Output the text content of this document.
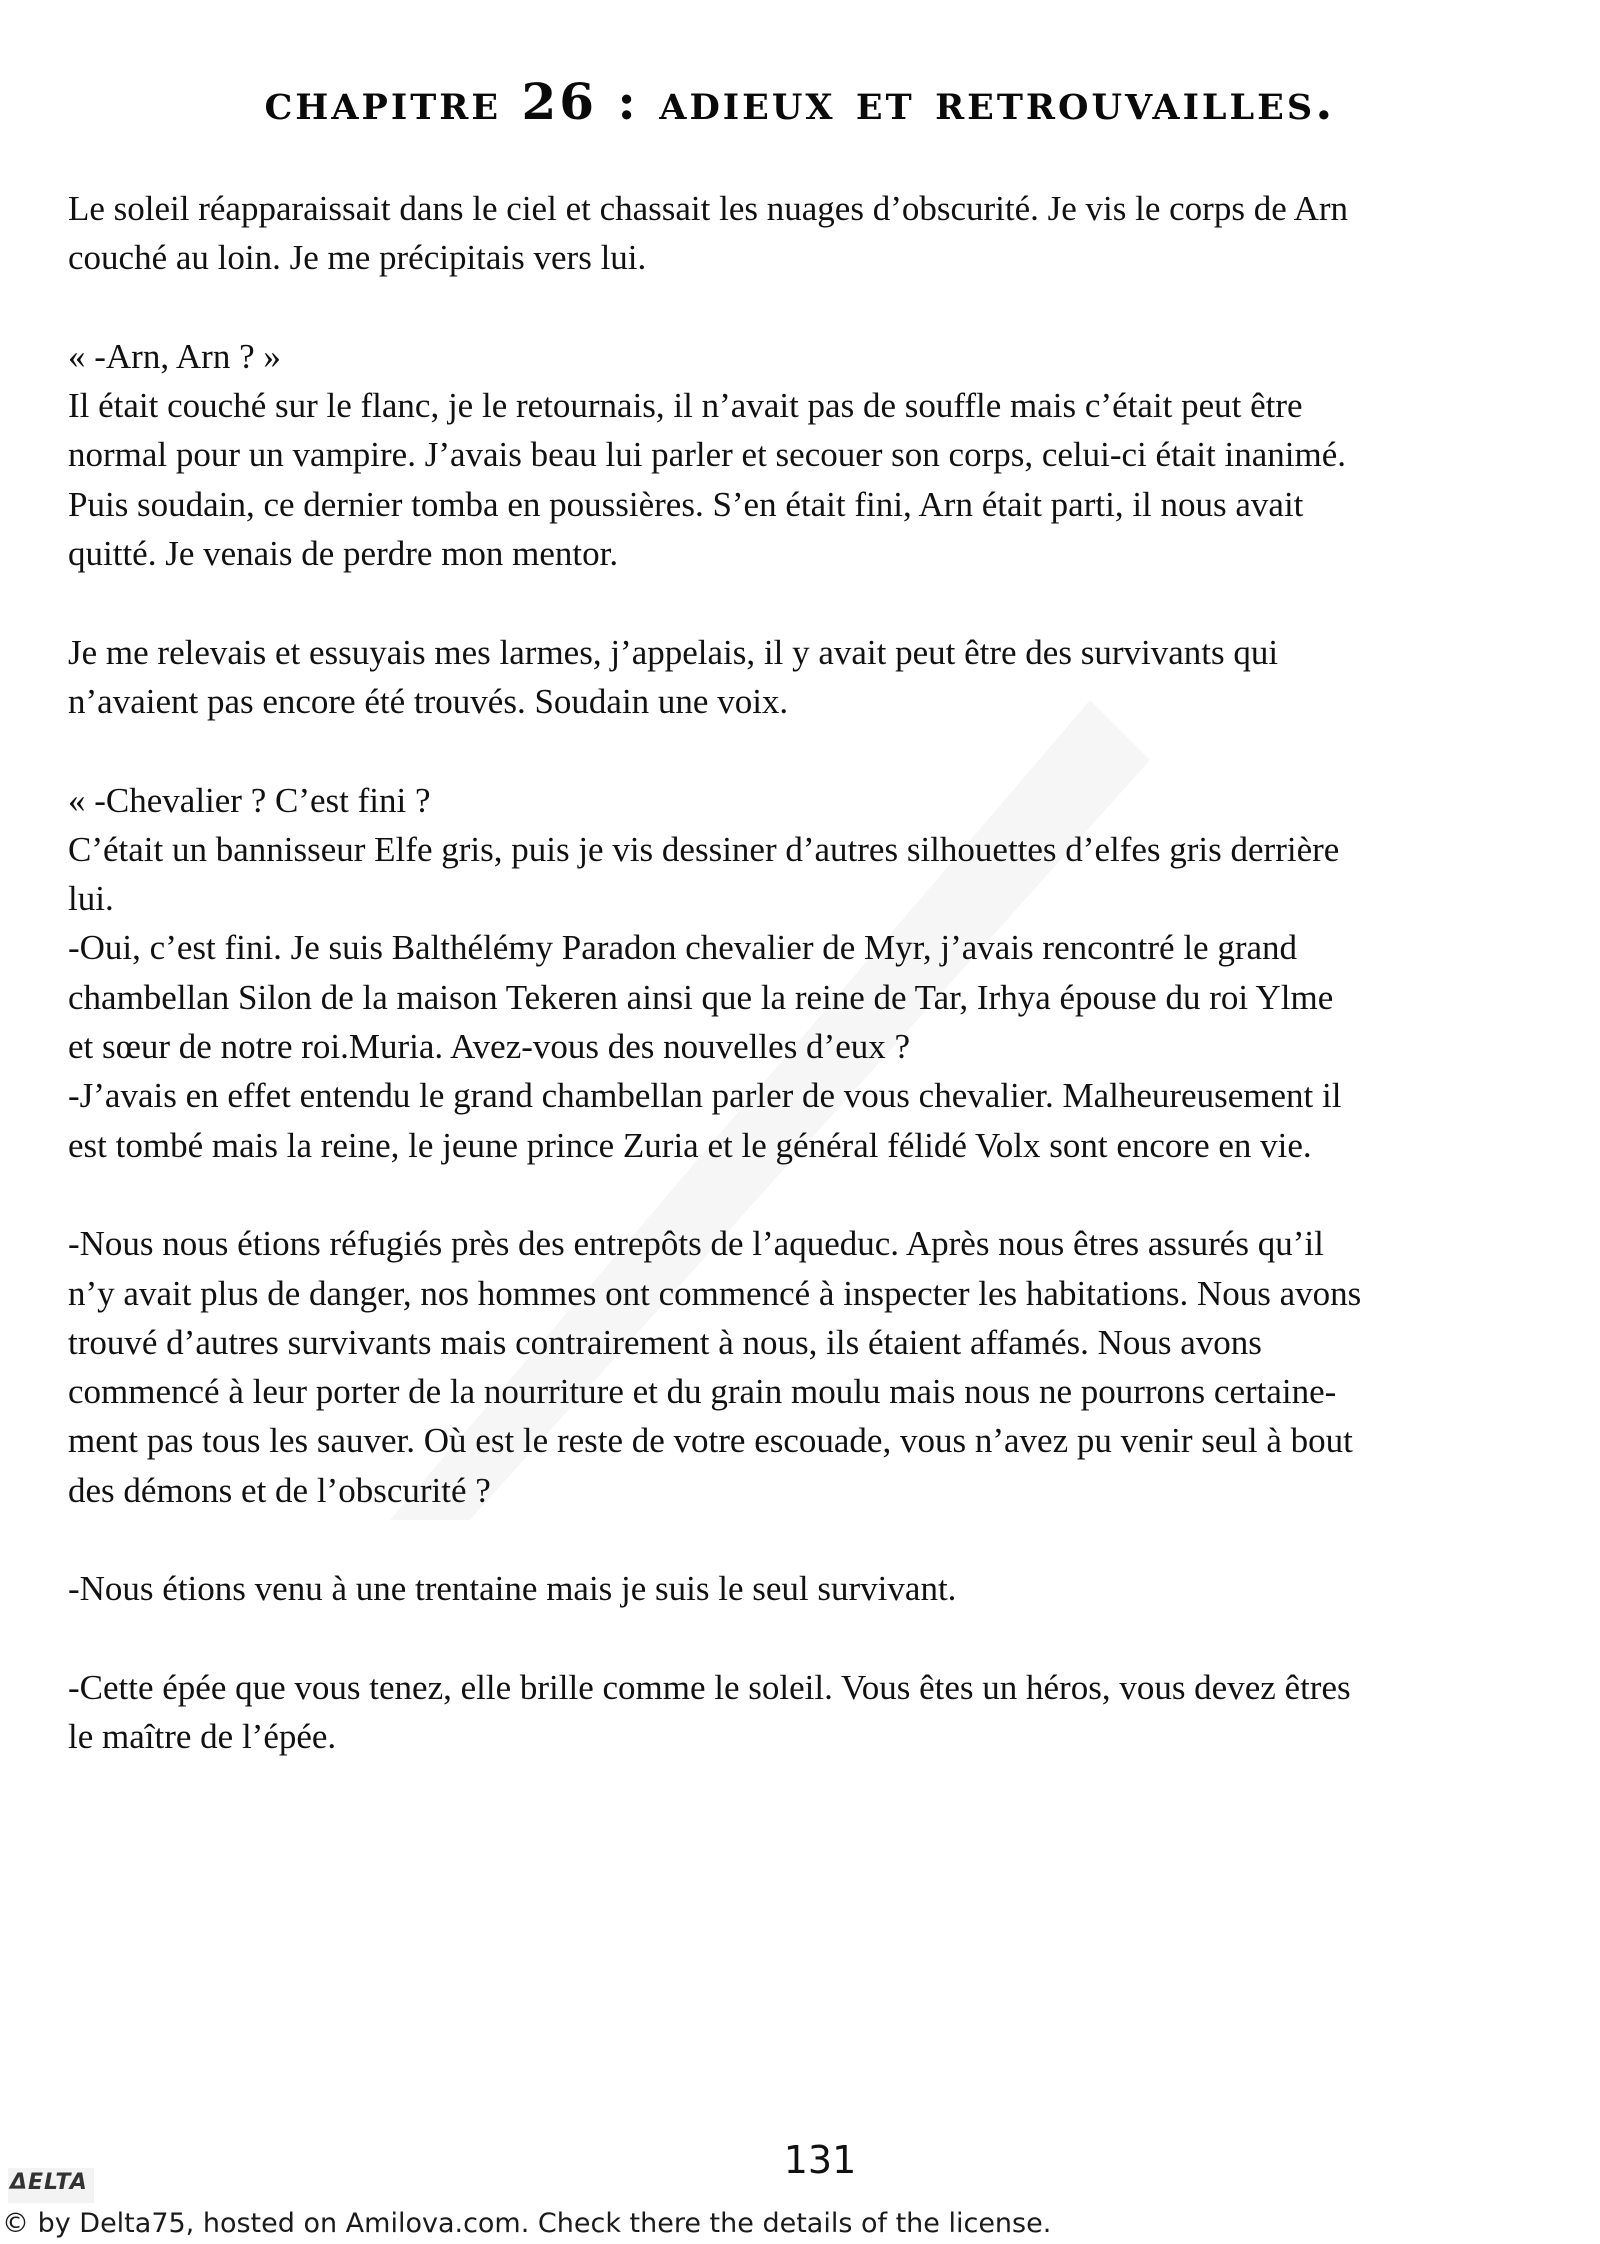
chapitre 26 : adieux et retrouvailles.

Le soleil réapparaissait dans le ciel et chassait les nuages d’obscurité. Je vis le corps de Arn

couché au loin. Je me précipitais vers lui.

« -Arn, Arn ? »

Il était couché sur le flanc, je le retournais, il n’avait pas de souffle mais c’était peut être

normal pour un vampire. J’avais beau lui parler et secouer son corps, celui-ci était inanimé.

Puis soudain, ce dernier tomba en poussières. S’en était fini, Arn était parti, il nous avait

quitté. Je venais de perdre mon mentor.

Je me relevais et essuyais mes larmes, j’appelais, il y avait peut être des survivants qui

n’avaient pas encore été trouvés. Soudain une voix.

« -Chevalier ? C’est fini ?

C’était un bannisseur Elfe gris, puis je vis dessiner d’autres silhouettes d’elfes gris derrière

lui.

-Oui, c’est fini. Je suis Balthélémy Paradon chevalier de Myr, j’avais rencontré le grand

chambellan Silon de la maison Tekeren ainsi que la reine de Tar, Irhya épouse du roi Ylme

et sœur de notre roi.Muria. Avez-vous des nouvelles d’eux ?

-J’avais en effet entendu le grand chambellan parler de vous chevalier. Malheureusement il

est tombé mais la reine, le jeune prince Zuria et le général félidé Volx sont encore en vie.

-Nous nous étions réfugiés près des entrepôts de l’aqueduc. Après nous êtres assurés qu’il

n’y avait plus de danger, nos hommes ont commencé à inspecter les habitations. Nous avons

trouvé d’autres survivants mais contrairement à nous, ils étaient affamés. Nous avons

commencé à leur porter de la nourriture et du grain moulu mais nous ne pourrons certaine-

ment pas tous les sauver. Où est le reste de votre escouade, vous n’avez pu venir seul à bout

des démons et de l’obscurité ?

-Nous étions venu à une trentaine mais je suis le seul survivant.

-Cette épée que vous tenez, elle brille comme le soleil. Vous êtes un héros, vous devez êtres

le maître de l’épée.

ΔELTA
131
© by Delta75, hosted on Amilova.com. Check there the details of the license.
